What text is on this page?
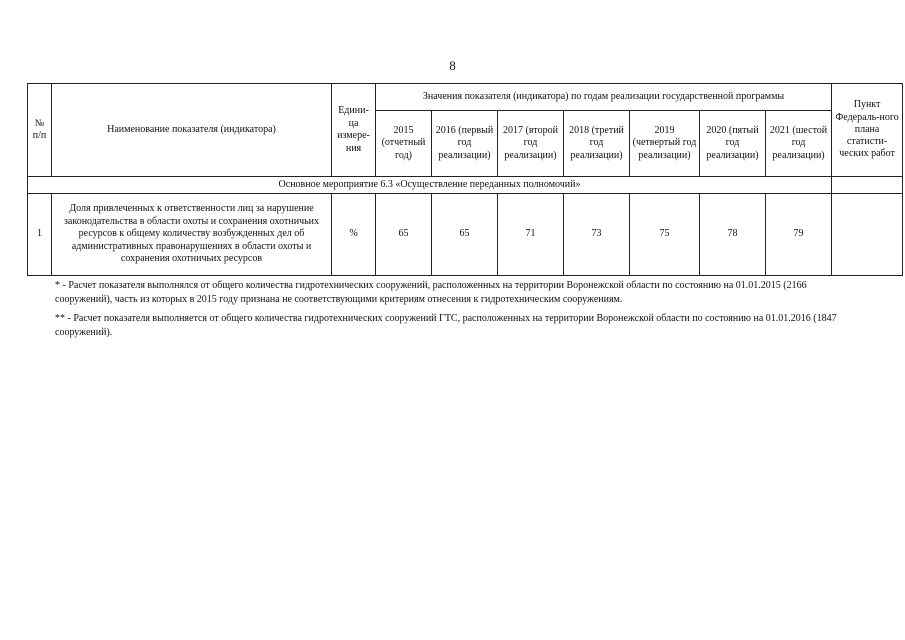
8
№ п/п	Наименование показателя (индикатора)	Едини-ца измере-ния	Значения показателя (индикатора) по годам реализации государственной программы							Пункт Федераль-ного плана статисти-ческих работ
			2015 (отчетный год)	2016 (первый год реализации)	2017 (второй год реализации)	2018 (третий год реализации)	2019 (четвертый год реализации)	2020 (пятый год реализации)	2021 (шестой год реализации)	
Основное мероприятие 6.3 «Осуществление переданных полномочий»										
1	Доля привлеченных к ответственности лиц за нарушение законодательства в области охоты и сохранения охотничьих ресурсов к общему количеству возбужденных дел об административных правонарушениях в области охоты и сохранения охотничьих ресурсов	%	65	65	71	73	75	78	79	
* - Расчет показателя выполнялся от общего количества гидротехнических сооружений, расположенных на территории Воронежской области по состоянию на 01.01.2015 (2166 сооружений), часть из которых в 2015 году признана не соответствующими критериям отнесения к гидротехническим сооружениям.
** - Расчет показателя выполняется от общего количества гидротехнических сооружений ГТС, расположенных на территории Воронежской области по состоянию на 01.01.2016 (1847 сооружений).
